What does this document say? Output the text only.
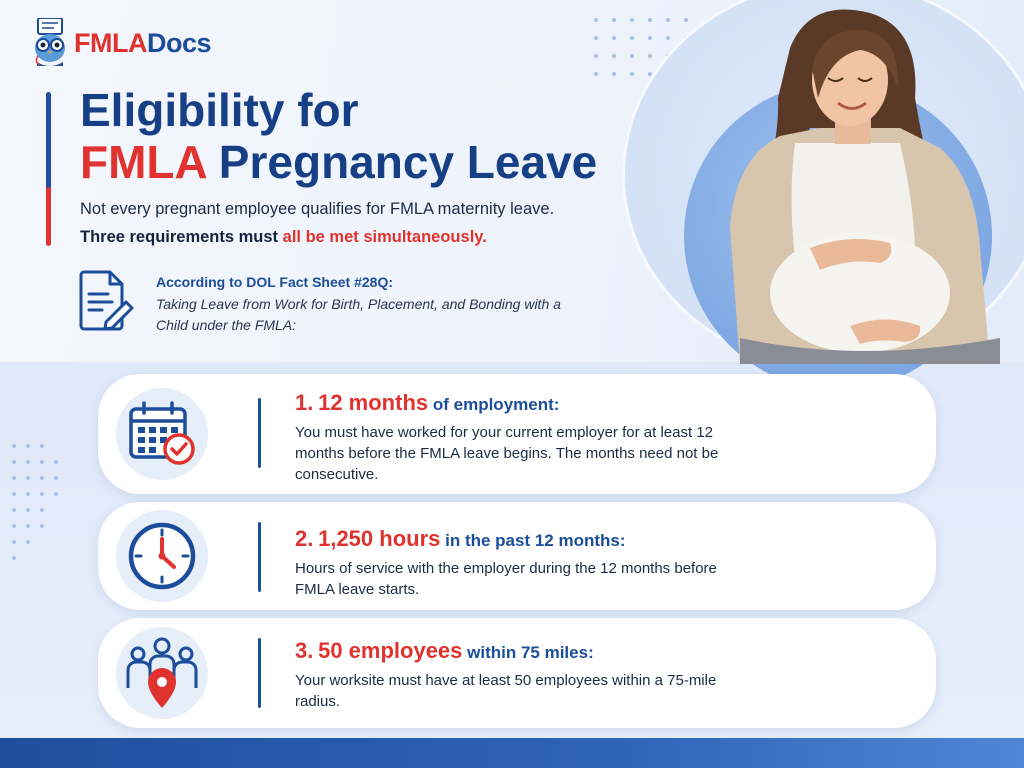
FMLADocs
Eligibility for
FMLA Pregnancy Leave
Not every pregnant employee qualifies for FMLA maternity leave.
Three requirements must all be met simultaneously.
According to DOL Fact Sheet #28Q:
Taking Leave from Work for Birth, Placement, and Bonding with a Child under the FMLA:
1. 12 months of employment:
You must have worked for your current employer for at least 12 months before the FMLA leave begins. The months need not be consecutive.
2. 1,250 hours in the past 12 months:
Hours of service with the employer during the 12 months before FMLA leave starts.
3. 50 employees within 75 miles:
Your worksite must have at least 50 employees within a 75-mile radius.
